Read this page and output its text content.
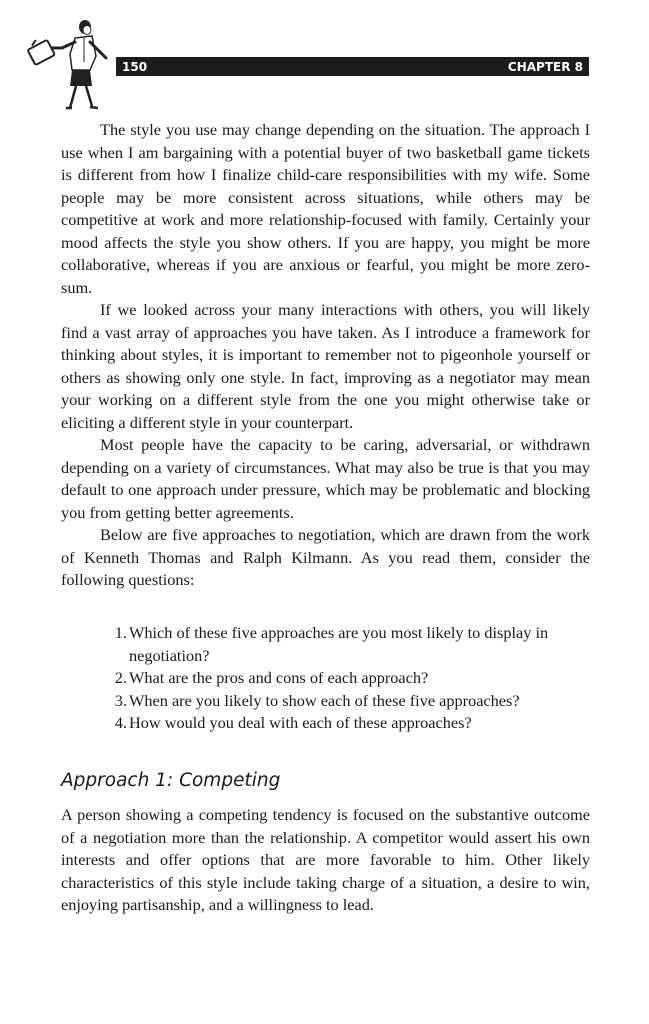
150	CHAPTER 8

The style you use may change depending on the situation. The approach I use when I am bargaining with a potential buyer of two basketball game tickets is different from how I finalize child-care responsibilities with my wife. Some people may be more consistent across situations, while others may be competitive at work and more relationship-focused with family. Certainly your mood affects the style you show others. If you are happy, you might be more collaborative, whereas if you are anxious or fearful, you might be more zero-sum.

If we looked across your many interactions with others, you will likely find a vast array of approaches you have taken. As I introduce a framework for thinking about styles, it is important to remember not to pigeonhole yourself or others as showing only one style. In fact, improving as a negotiator may mean your working on a different style from the one you might otherwise take or eliciting a different style in your counterpart.

Most people have the capacity to be caring, adversarial, or withdrawn depending on a variety of circumstances. What may also be true is that you may default to one approach under pressure, which may be problematic and blocking you from getting better agreements.

Below are five approaches to negotiation, which are drawn from the work of Kenneth Thomas and Ralph Kilmann. As you read them, consider the following questions:

1. Which of these five approaches are you most likely to display in negotiation?
2. What are the pros and cons of each approach?
3. When are you likely to show each of these five approaches?
4. How would you deal with each of these approaches?
Approach 1: Competing

A person showing a competing tendency is focused on the substantive outcome of a negotiation more than the relationship. A competitor would assert his own interests and offer options that are more favorable to him. Other likely characteristics of this style include taking charge of a situation, a desire to win, enjoying partisanship, and a willingness to lead.
